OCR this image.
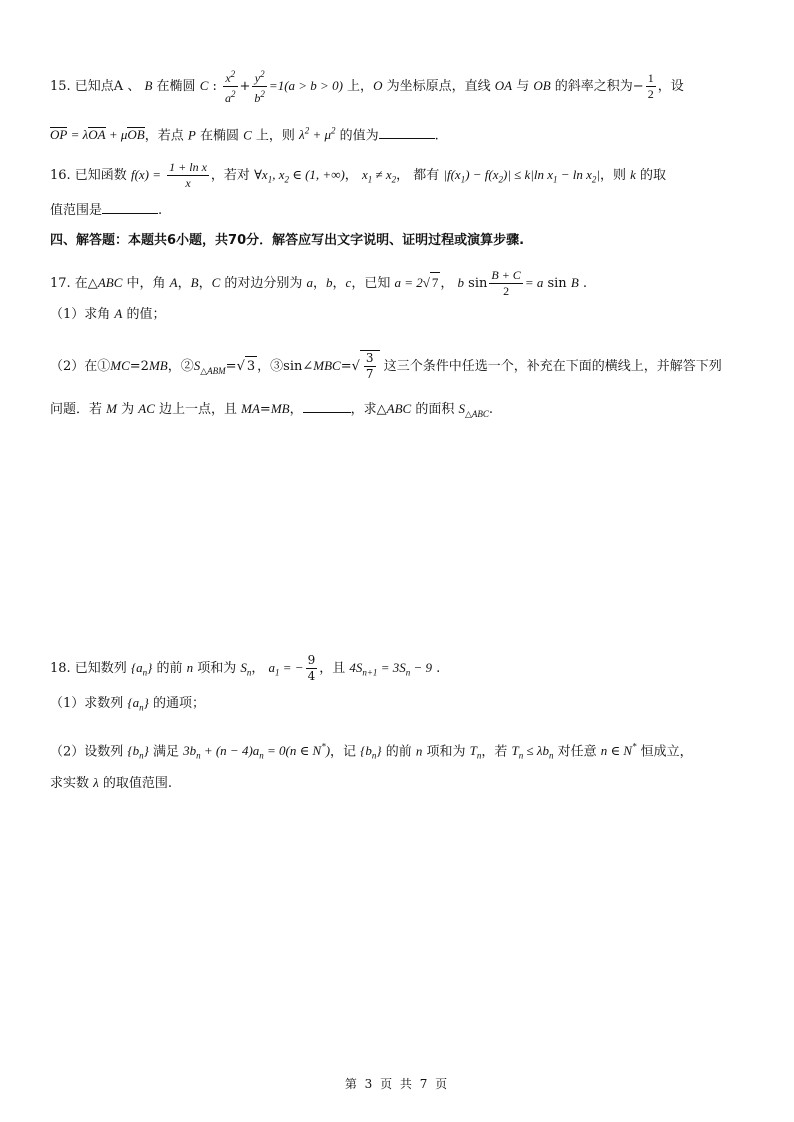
15. 已知点A 、 B 在椭圆 C : $\frac{x^2}{a^2} + \frac{y^2}{b^2} =1(a > b > 0)$ 上，O 为坐标原点，直线 OA 与 OB 的斜率之积为− $\frac{1}{2}$ ，设
OP = λOA + μOB，若点 P 在椭圆 C 上，则 $\lambda^2 + \mu^2$ 的值为	.
16. 已知函数 $f(x) = \frac{\text{1 + ln x}}{x}$ ，若对 $\forall x_1$, $x_2$ ∈ (1, +∞)， $x_1 \ne x_2$， 都有 $|f(x_1) - f(x_2)| \le k|\ln$ $x_1 - \ln x_2|$，则 k 的取
值范围是	.
四、解答题：本题共6小题，共70分．解答应写出文字说明、证明过程或演算步骤.
17. 在△ABC 中，角 A，B，C 的对边分别为 a，b，c，已知 a = 2√ 7 ， b $\sin \frac{B + C}{2} = a$ sin B .
（1）求角 A 的值；
（2）在①MC=2MB，$②S_{\triangle ABM}=√$ 3 ，③sin∠MBC=√ $\frac{3}{7}$ 这三个条件中任选一个，补充在下面的横线上，并解答下列
问题．若 M 为 AC 边上一点，且 MA=MB，	，求△ABC 的面积 $S_{\triangle ABC}$.
18. 已知数列 $\{a_n\}$ 的前 n 项和为 $S_n$， $a_1$ = − $\frac{9}{4}$ ，且 $4S_{n+1} = 3S_n - 9$ .
（1）求数列 $\{a_n\}$ 的通项；
（2）设数列 $\{b_n\}$ 满足 $3b_n + (n - 4)a_n = 0(n$ ∈ N*)，记 $\{b_n\}$ 的前 n 项和为 $T_n$，若 $T_n \le \lambda b_n$ 对任意 n ∈ N* 恒成立，
求实数 λ 的取值范围.
第 3 页 共 7 页
